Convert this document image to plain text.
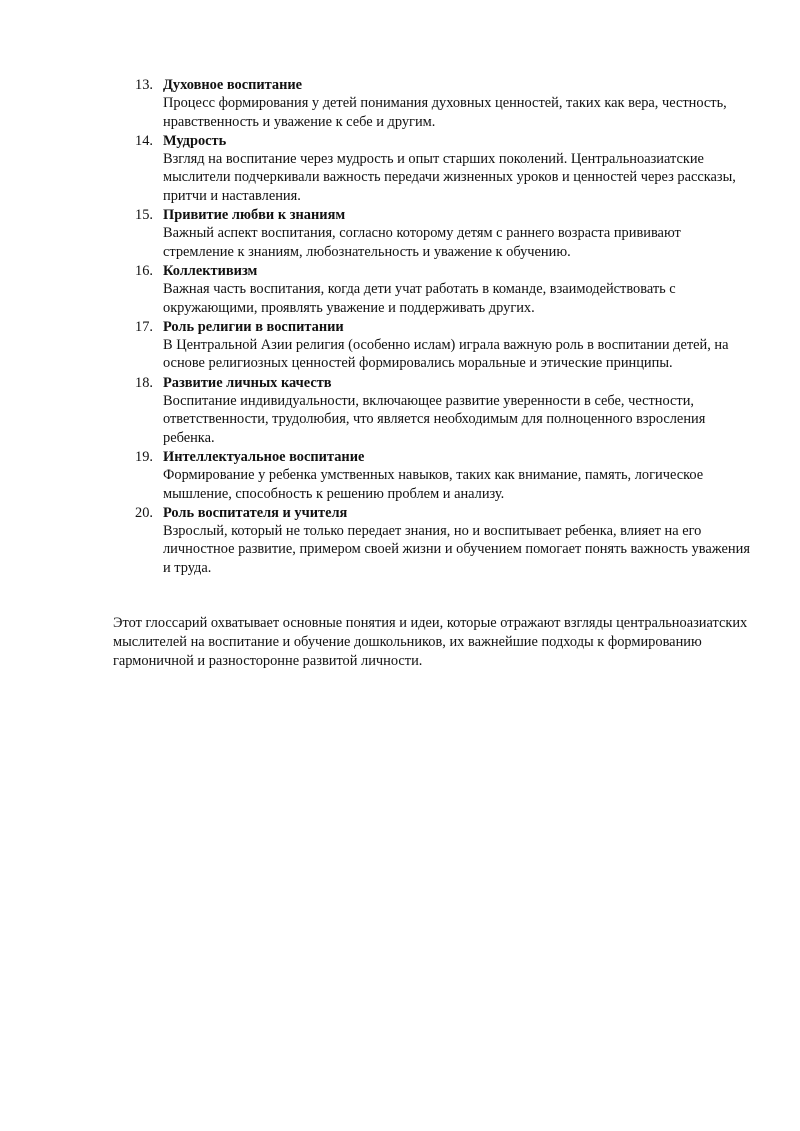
13. Духовное воспитание
Процесс формирования у детей понимания духовных ценностей, таких как вера, честность, нравственность и уважение к себе и другим.
14. Мудрость
Взгляд на воспитание через мудрость и опыт старших поколений. Центральноазиатские мыслители подчеркивали важность передачи жизненных уроков и ценностей через рассказы, притчи и наставления.
15. Привитие любви к знаниям
Важный аспект воспитания, согласно которому детям с раннего возраста прививают стремление к знаниям, любознательность и уважение к обучению.
16. Коллективизм
Важная часть воспитания, когда дети учат работать в команде, взаимодействовать с окружающими, проявлять уважение и поддерживать других.
17. Роль религии в воспитании
В Центральной Азии религия (особенно ислам) играла важную роль в воспитании детей, на основе религиозных ценностей формировались моральные и этические принципы.
18. Развитие личных качеств
Воспитание индивидуальности, включающее развитие уверенности в себе, честности, ответственности, трудолюбия, что является необходимым для полноценного взросления ребенка.
19. Интеллектуальное воспитание
Формирование у ребенка умственных навыков, таких как внимание, память, логическое мышление, способность к решению проблем и анализу.
20. Роль воспитателя и учителя
Взрослый, который не только передает знания, но и воспитывает ребенка, влияет на его личностное развитие, примером своей жизни и обучением помогает понять важность уважения и труда.

Этот глоссарий охватывает основные понятия и идеи, которые отражают взгляды центральноазиатских мыслителей на воспитание и обучение дошкольников, их важнейшие подходы к формированию гармоничной и разносторонне развитой личности.
